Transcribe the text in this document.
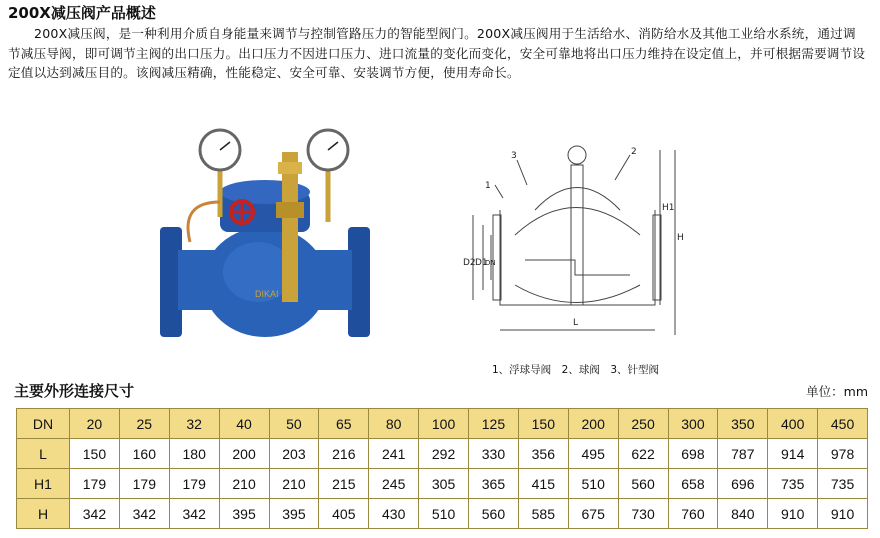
200X减压阀产品概述
200X减压阀，是一种利用介质自身能量来调节与控制管路压力的智能型阀门。200X减压阀用于生活给水、消防给水及其他工业给水系统，通过调节减压导阀，即可调节主阀的出口压力。出口压力不因进口压力、进口流量的变化而变化，安全可靠地将出口压力维持在设定值上，并可根据需要调节设定值以达到减压目的。该阀减压精确，性能稳定、安全可靠、安装调节方便，使用寿命长。
DIKAI
1
3	2
H1
H
L
D2 D1
DN
1、浮球导阀　2、球阀　3、针型阀
主要外形连接尺寸	单位：mm
DN	20	25	32	40	50	65	80	100	125	150	200	250	300	350	400	450
L	150	160	180	200	203	216	241	292	330	356	495	622	698	787	914	978
H1	179	179	179	210	210	215	245	305	365	415	510	560	658	696	735	735
H	342	342	342	395	395	405	430	510	560	585	675	730	760	840	910	910
